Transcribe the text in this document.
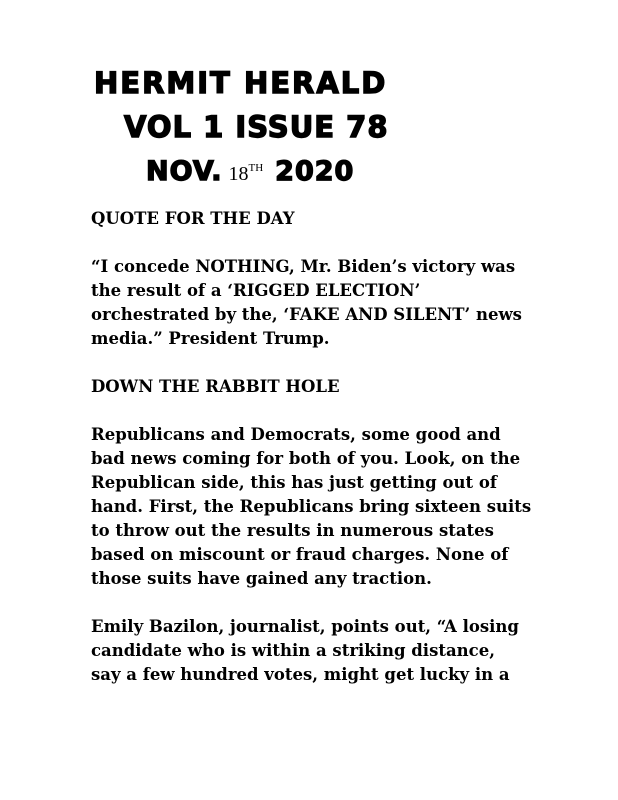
HERMIT HERALD
VOL 1 ISSUE 78
NOV. 18TH 2020

QUOTE FOR THE DAY

“I concede NOTHING, Mr. Biden’s victory was
the result of a ‘RIGGED ELECTION’
orchestrated by the, ‘FAKE AND SILENT’ news
media.” President Trump.

DOWN THE RABBIT HOLE

Republicans and Democrats, some good and
bad news coming for both of you. Look, on the
Republican side, this has just getting out of
hand. First, the Republicans bring sixteen suits
to throw out the results in numerous states
based on miscount or fraud charges. None of
those suits have gained any traction.

Emily Bazilon, journalist, points out, “A losing
candidate who is within a striking distance,
say a few hundred votes, might get lucky in a
